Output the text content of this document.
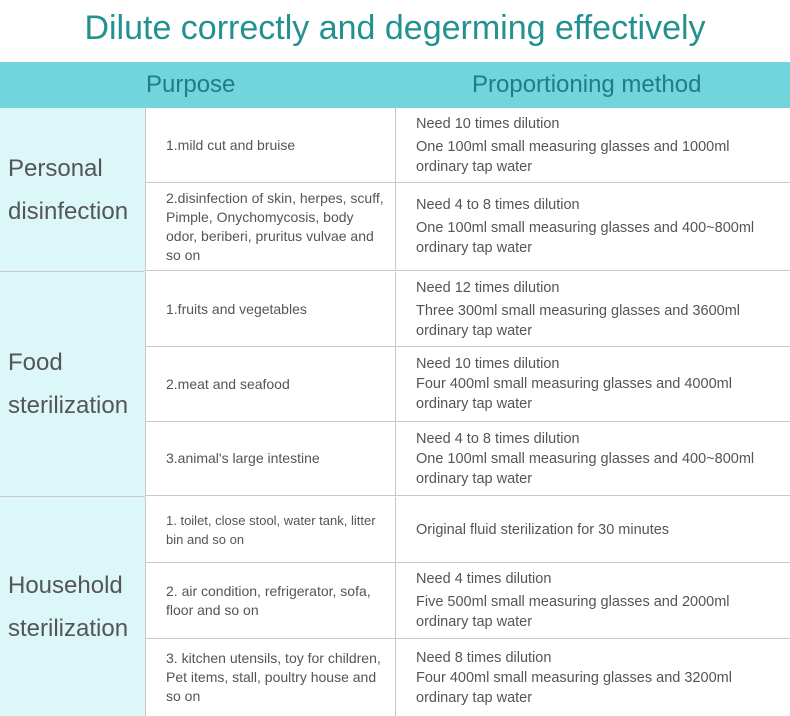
Dilute correctly and degerming effectively
Purpose	Proportioning method
Personal
disinfection
Food
sterilization
Household
sterilization
1.mild cut and bruise
Need 10 times dilution
One 100ml small measuring glasses and 1000ml ordinary tap water
2.disinfection of skin, herpes, scuff, Pimple, Onychomycosis, body odor, beriberi, pruritus vulvae and so on
Need 4 to 8 times dilution
One 100ml small measuring glasses and 400~800ml ordinary tap water
1.fruits and vegetables
Need 12 times dilution
Three 300ml small measuring glasses and 3600ml ordinary tap water
2.meat and seafood
Need 10 times dilution
Four 400ml small measuring glasses and 4000ml ordinary tap water
3.animal's large intestine
Need 4 to 8 times dilution
One 100ml small measuring glasses and 400~800ml ordinary tap water
1. toilet, close stool, water tank, litter bin and so on
Original fluid sterilization for 30 minutes
2. air condition, refrigerator, sofa, floor and so on
Need 4 times dilution
Five 500ml small measuring glasses and 2000ml ordinary tap water
3. kitchen utensils, toy for children, Pet items, stall, poultry house and so on
Need 8 times dilution
Four 400ml small measuring glasses and 3200ml ordinary tap water
